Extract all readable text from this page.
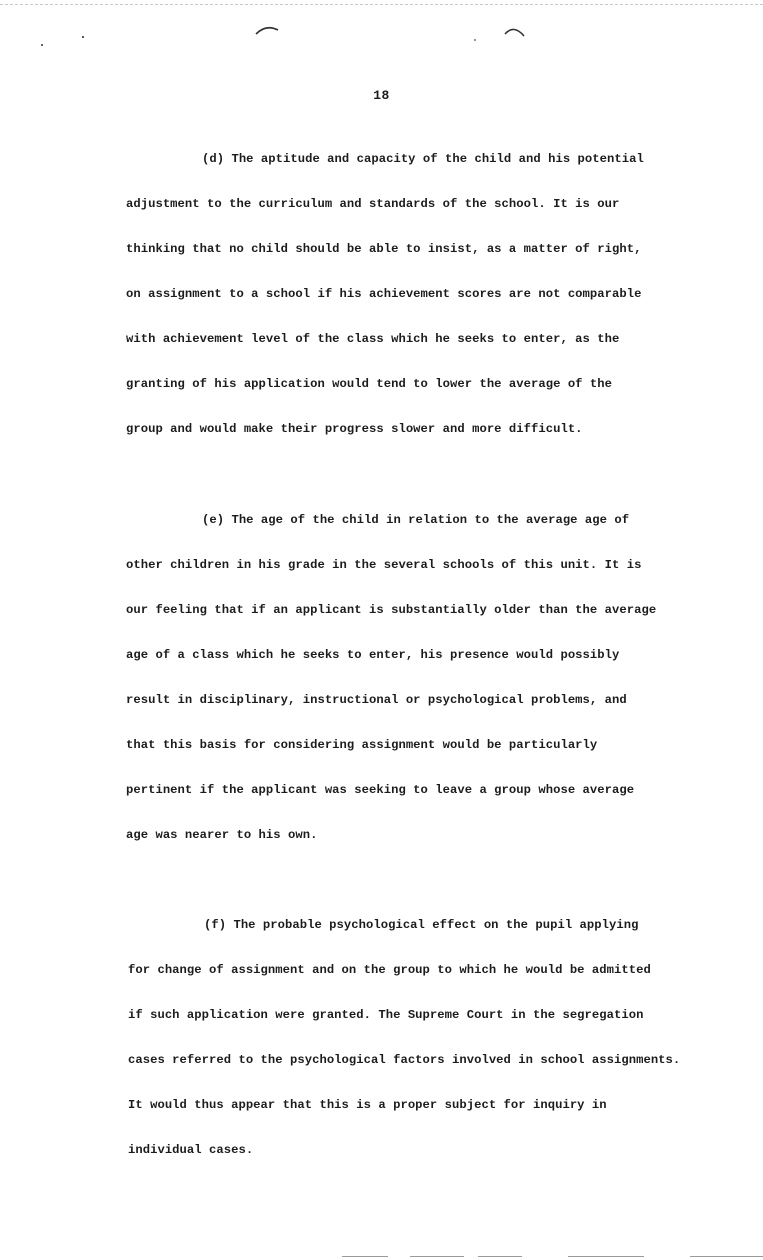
18
(d) The aptitude and capacity of the child and his potential
adjustment to the curriculum and standards of the school. It is our
thinking that no child should be able to insist, as a matter of right,
on assignment to a school if his achievement scores are not comparable
with achievement level of the class which he seeks to enter, as the
granting of his application would tend to lower the average of the
group and would make their progress slower and more difficult.
(e) The age of the child in relation to the average age of
other children in his grade in the several schools of this unit. It is
our feeling that if an applicant is substantially older than the average
age of a class which he seeks to enter, his presence would possibly
result in disciplinary, instructional or psychological problems, and
that this basis for considering assignment would be particularly
pertinent if the applicant was seeking to leave a group whose average
age was nearer to his own.
(f) The probable psychological effect on the pupil applying
for change of assignment and on the group to which he would be admitted
if such application were granted. The Supreme Court in the segregation
cases referred to the psychological factors involved in school assignments.
It would thus appear that this is a proper subject for inquiry in
individual cases.
